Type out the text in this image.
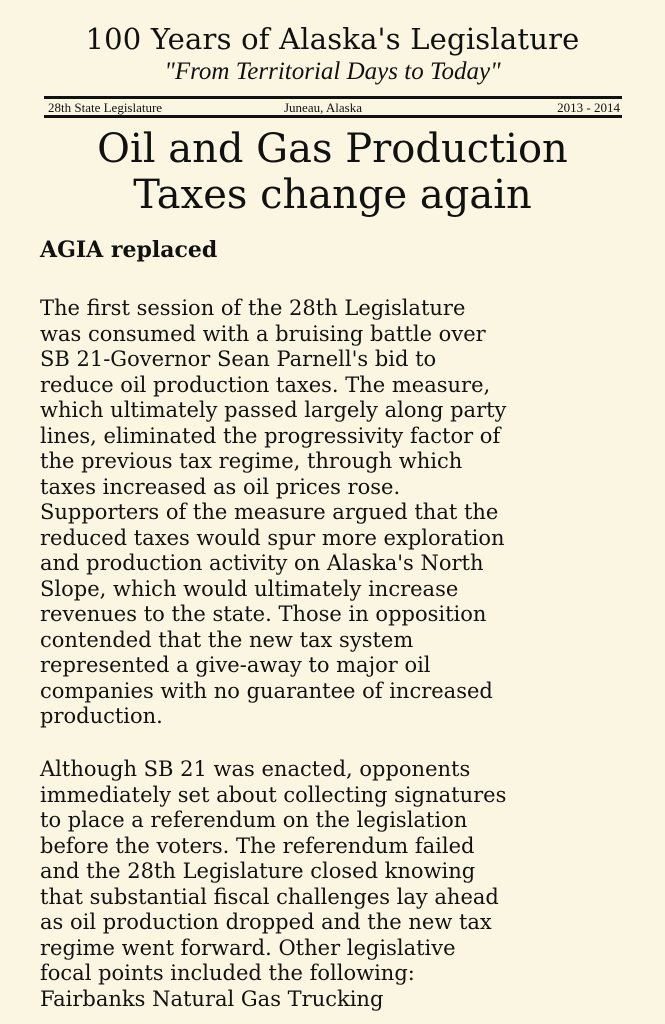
100 Years of Alaska's Legislature
"From Territorial Days to Today"
28th State Legislature	Juneau, Alaska	2013 - 2014
Oil and Gas Production
Taxes change again
AGIA replaced
The first session of the 28th Legislature
was consumed with a bruising battle over
SB 21-Governor Sean Parnell's bid to
reduce oil production taxes. The measure,
which ultimately passed largely along party
lines, eliminated the progressivity factor of
the previous tax regime, through which
taxes increased as oil prices rose.
Supporters of the measure argued that the
reduced taxes would spur more exploration
and production activity on Alaska's North
Slope, which would ultimately increase
revenues to the state. Those in opposition
contended that the new tax system
represented a give-away to major oil
companies with no guarantee of increased
production.
Although SB 21 was enacted, opponents
immediately set about collecting signatures
to place a referendum on the legislation
before the voters. The referendum failed
and the 28th Legislature closed knowing
that substantial fiscal challenges lay ahead
as oil production dropped and the new tax
regime went forward. Other legislative
focal points included the following:
Fairbanks Natural Gas Trucking
